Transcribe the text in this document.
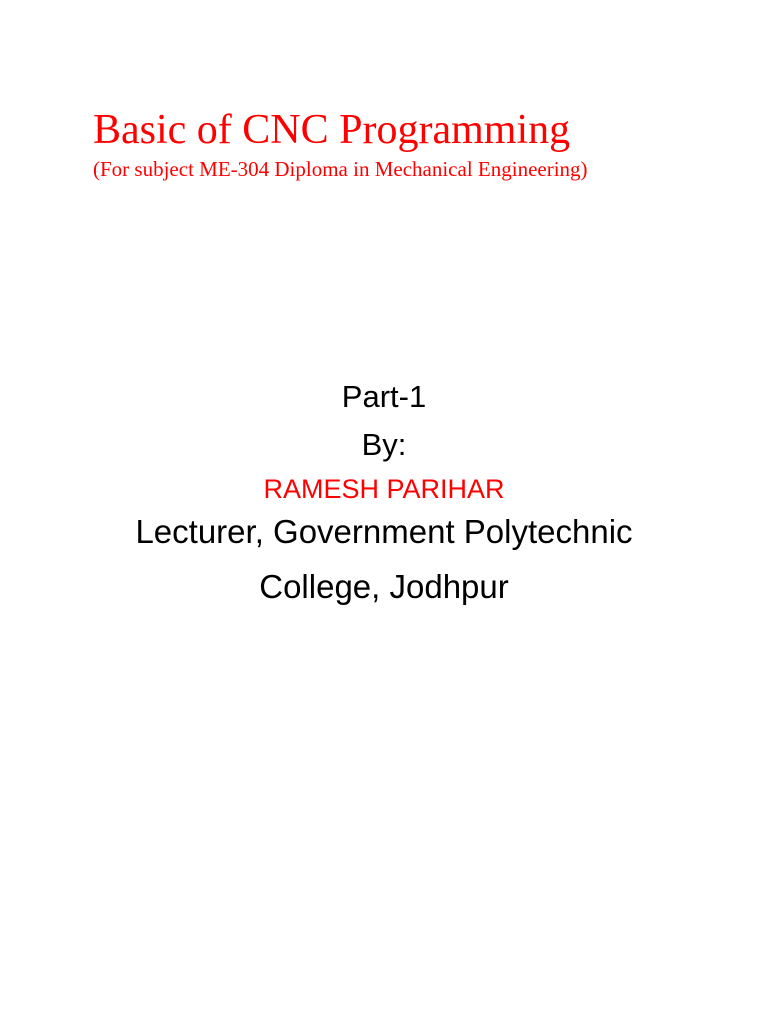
Basic of CNC Programming

(For subject ME-304 Diploma in Mechanical Engineering)

Part-1

By:

RAMESH PARIHAR

Lecturer, Government Polytechnic

College, Jodhpur
